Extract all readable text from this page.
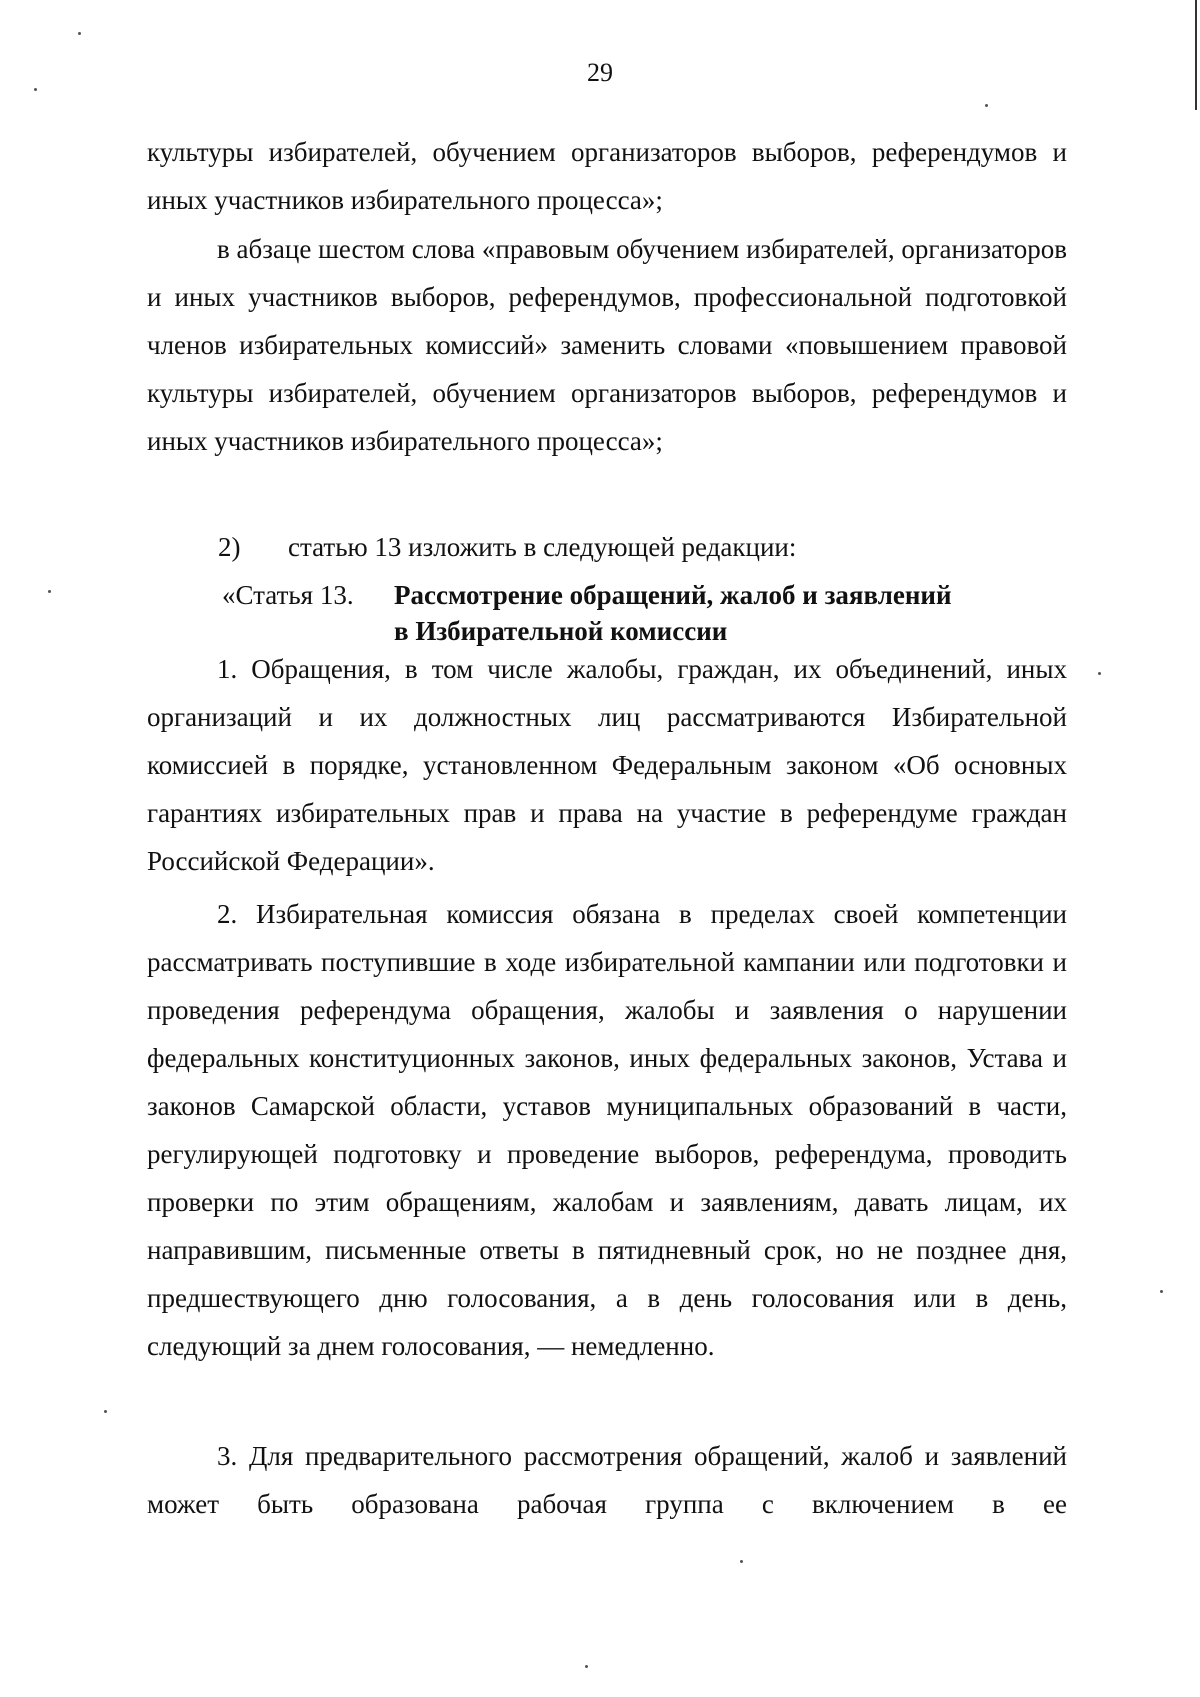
29

культуры избирателей, обучением организаторов выборов, референдумов и иных участников избирательного процесса»;

в абзаце шестом слова «правовым обучением избирателей, организаторов и иных участников выборов, референдумов, профессиональной подготовкой членов избирательных комиссий» заменить словами «повышением правовой культуры избирателей, обучением организаторов выборов, референдумов и иных участников избирательного процесса»;

2) статью 13 изложить в следующей редакции:
«Статья 13. Рассмотрение обращений, жалоб и заявлений
в Избирательной комиссии

1. Обращения, в том числе жалобы, граждан, их объединений, иных организаций и их должностных лиц рассматриваются Избирательной комиссией в порядке, установленном Федеральным законом «Об основных гарантиях избирательных прав и права на участие в референдуме граждан Российской Федерации».

2. Избирательная комиссия обязана в пределах своей компетенции рассматривать поступившие в ходе избирательной кампании или подготовки и проведения референдума обращения, жалобы и заявления о нарушении федеральных конституционных законов, иных федеральных законов, Устава и законов Самарской области, уставов муниципальных образований в части, регулирующей подготовку и проведение выборов, референдума, проводить проверки по этим обращениям, жалобам и заявлениям, давать лицам, их направившим, письменные ответы в пятидневный срок, но не позднее дня, предшествующего дню голосования, а в день голосования или в день, следующий за днем голосования, — немедленно.

3. Для предварительного рассмотрения обращений, жалоб и заявлений может быть образована рабочая группа с включением в ее
